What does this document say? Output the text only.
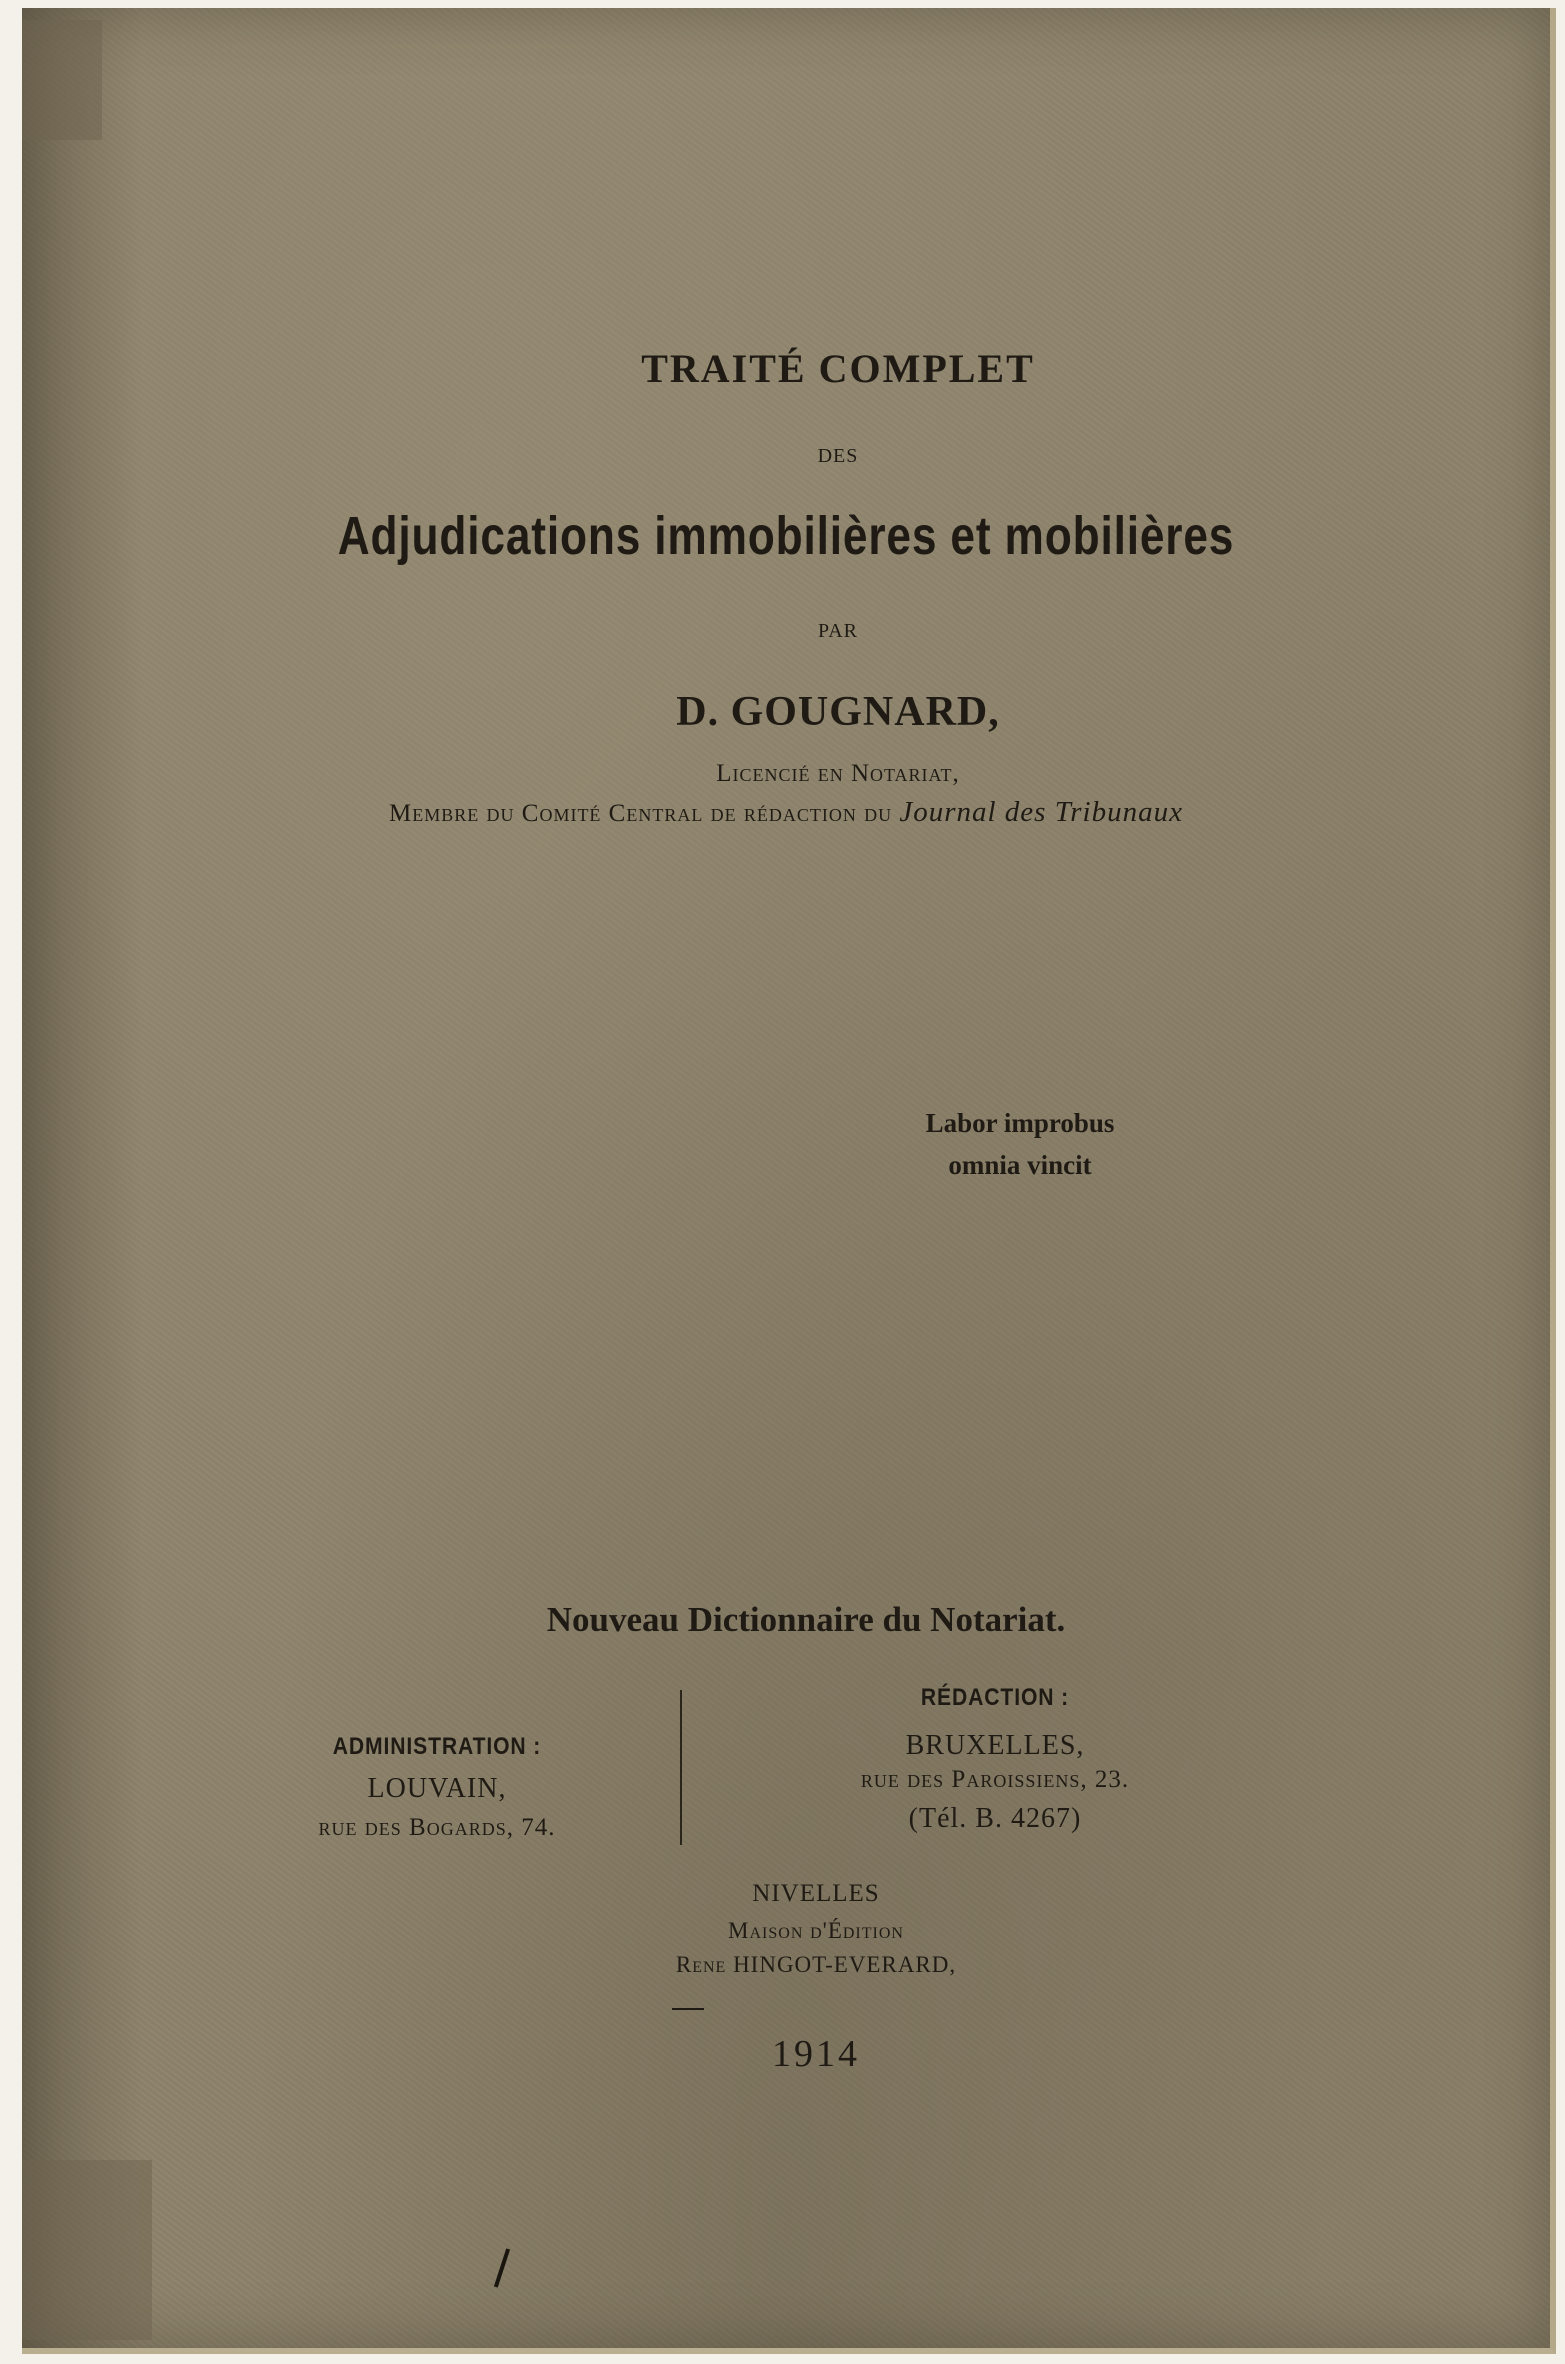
TRAITÉ COMPLET
DES
Adjudications immobilières et mobilières
PAR
D. GOUGNARD,
Licencié en Notariat,
Membre du Comité Central de rédaction du Journal des Tribunaux
Labor improbus
omnia vincit
Nouveau Dictionnaire du Notariat.
ADMINISTRATION :
LOUVAIN,
rue des Bogards, 74.
RÉDACTION :
BRUXELLES,
rue des Paroissiens, 23.
(Tél. B. 4267)
NIVELLES
Maison d'Édition
Rene HINGOT-EVERARD,
1914
